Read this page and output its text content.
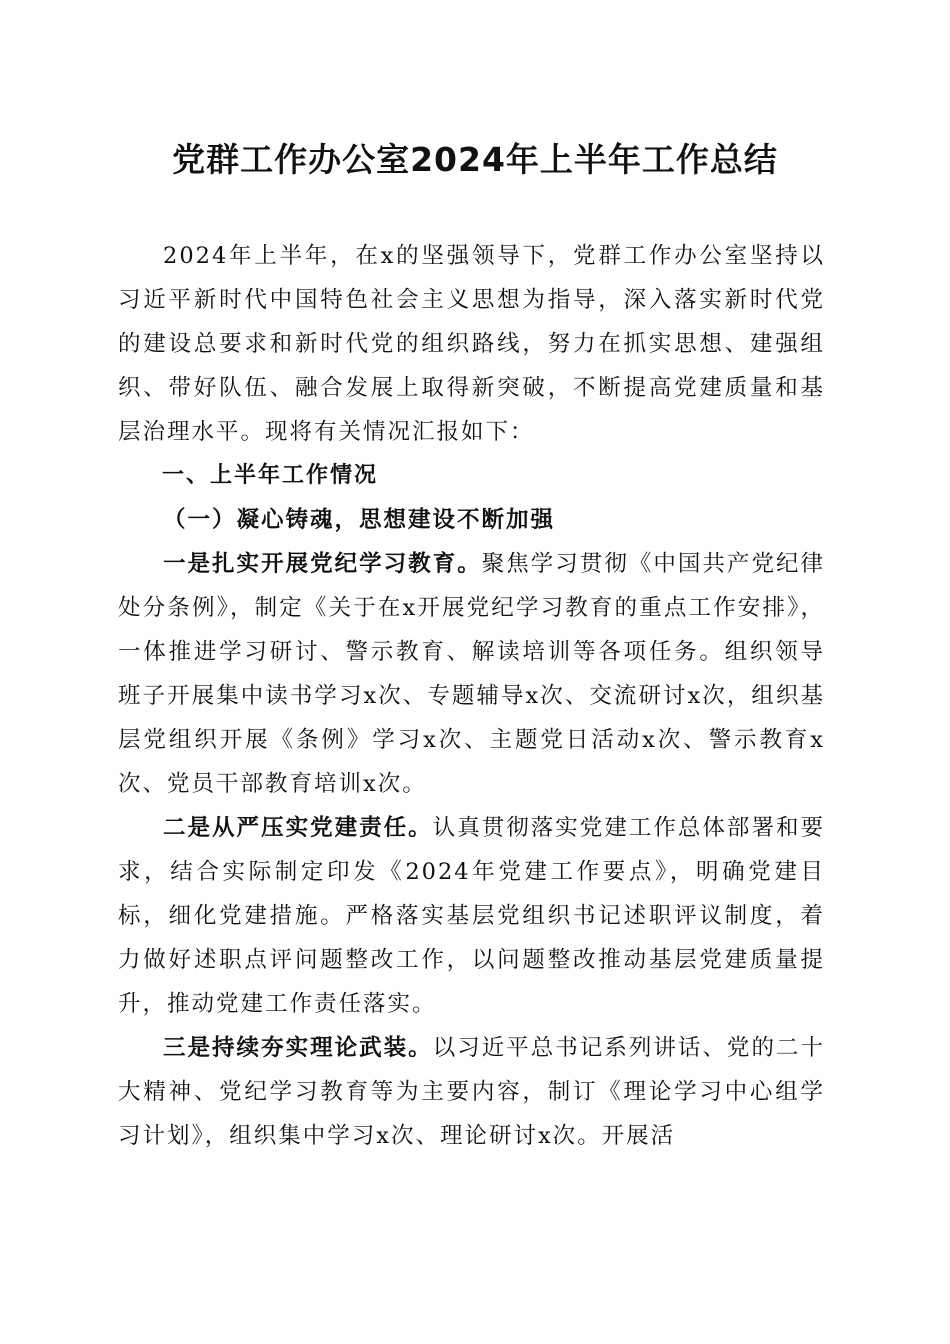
党群工作办公室2024年上半年工作总结

2024年上半年，在x的坚强领导下，党群工作办公室坚持以习近平新时代中国特色社会主义思想为指导，深入落实新时代党的建设总要求和新时代党的组织路线，努力在抓实思想、建强组织、带好队伍、融合发展上取得新突破，不断提高党建质量和基层治理水平。现将有关情况汇报如下：

一、上半年工作情况

（一）凝心铸魂，思想建设不断加强

一是扎实开展党纪学习教育。聚焦学习贯彻《中国共产党纪律处分条例》，制定《关于在x开展党纪学习教育的重点工作安排》，一体推进学习研讨、警示教育、解读培训等各项任务。组织领导班子开展集中读书学习x次、专题辅导x次、交流研讨x次，组织基层党组织开展《条例》学习x次、主题党日活动x次、警示教育x次、党员干部教育培训x次。

二是从严压实党建责任。认真贯彻落实党建工作总体部署和要求，结合实际制定印发《2024年党建工作要点》，明确党建目标，细化党建措施。严格落实基层党组织书记述职评议制度，着力做好述职点评问题整改工作，以问题整改推动基层党建质量提升，推动党建工作责任落实。

三是持续夯实理论武装。以习近平总书记系列讲话、党的二十大精神、党纪学习教育等为主要内容，制订《理论学习中心组学习计划》，组织集中学习x次、理论研讨x次。开展活
